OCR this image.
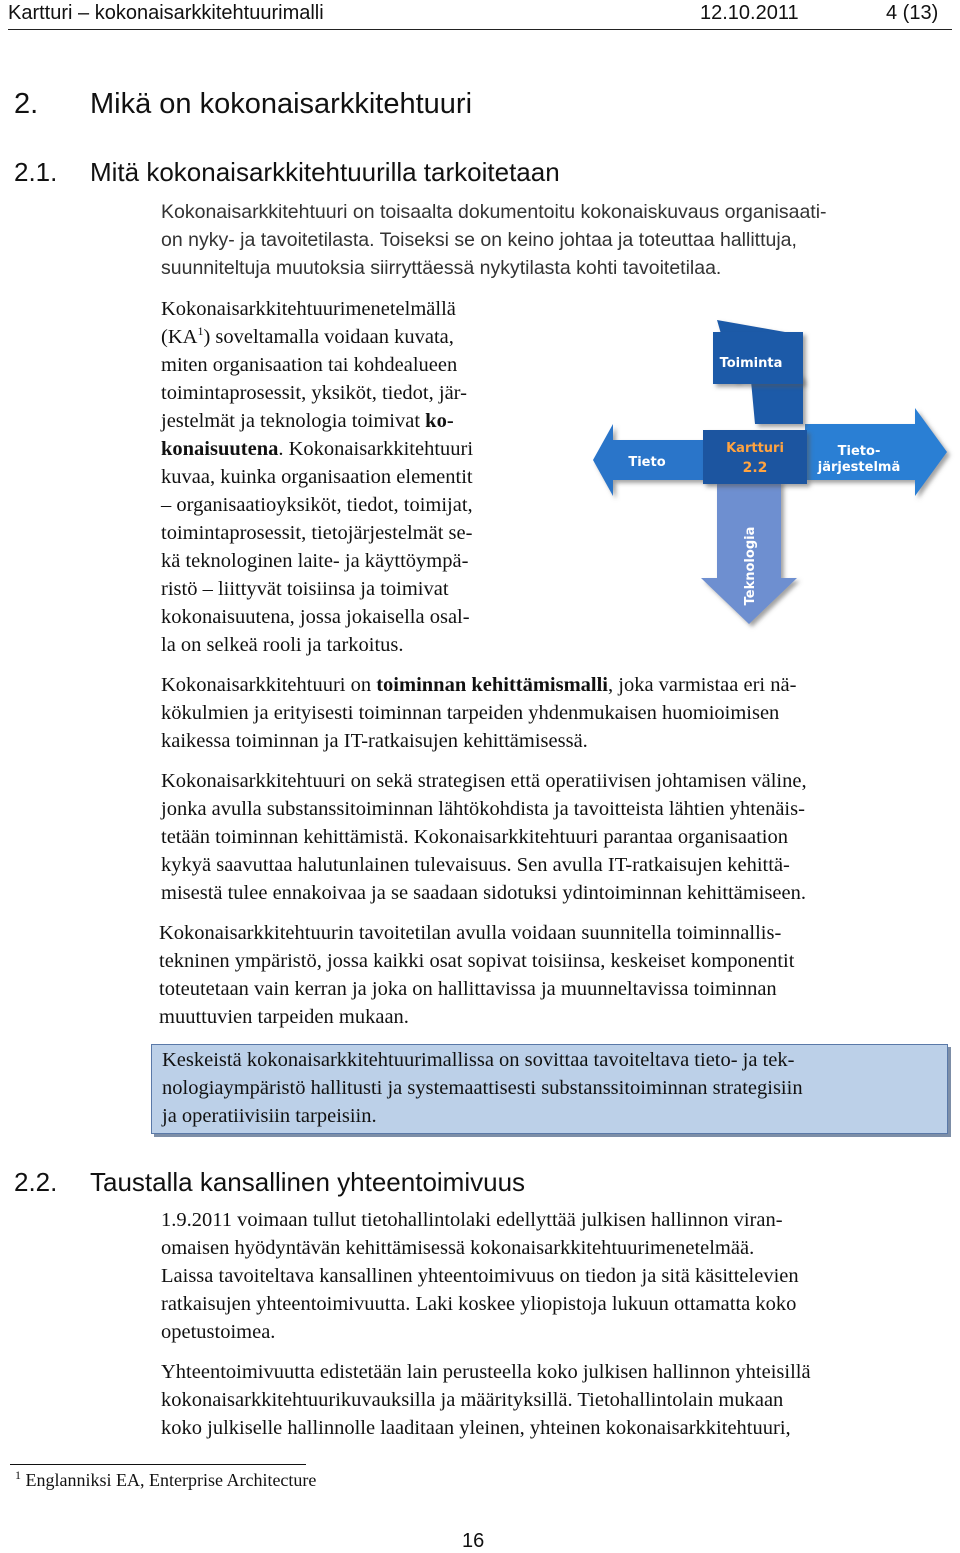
Kartturi – kokonaisarkkitehtuurimalli	12.10.2011	4 (13)
2. Mikä on kokonaisarkkitehtuuri
2.1. Mitä kokonaisarkkitehtuurilla tarkoitetaan
Kokonaisarkkitehtuuri on toisaalta dokumentoitu kokonaiskuvaus organisaati-
on nyky- ja tavoitetilasta. Toiseksi se on keino johtaa ja toteuttaa hallittuja,
suunniteltuja muutoksia siirryttäessä nykytilasta kohti tavoitetilaa.
Kokonaisarkkitehtuurimenetelmällä
$(KA^1)$ soveltamalla voidaan kuvata,
miten organisaation tai kohdealueen
toimintaprosessit, yksiköt, tiedot, jär-
jestelmät ja teknologia toimivat ko-
konaisuutena. Kokonaisarkkitehtuuri
kuvaa, kuinka organisaation elementit
– organisaatioyksiköt, tiedot, toimijat,
toimintaprosessit, tietojärjestelmät se-
kä teknologinen laite- ja käyttöympä-
ristö – liittyvät toisiinsa ja toimivat
kokonaisuutena, jossa jokaisella osal-
la on selkeä rooli ja tarkoitus.
Toiminta
Tieto
Tieto-
järjestelmä
Kartturi
2.2
Teknologia
Kokonaisarkkitehtuuri on toiminnan kehittämismalli, joka varmistaa eri nä-
kökulmien ja erityisesti toiminnan tarpeiden yhdenmukaisen huomioimisen
kaikessa toiminnan ja IT-ratkaisujen kehittämisessä.
Kokonaisarkkitehtuuri on sekä strategisen että operatiivisen johtamisen väline,
jonka avulla substanssitoiminnan lähtökohdista ja tavoitteista lähtien yhtenäis-
tetään toiminnan kehittämistä. Kokonaisarkkitehtuuri parantaa organisaation
kykyä saavuttaa halutunlainen tulevaisuus. Sen avulla IT-ratkaisujen kehittä-
misestä tulee ennakoivaa ja se saadaan sidotuksi ydintoiminnan kehittämiseen.
Kokonaisarkkitehtuurin tavoitetilan avulla voidaan suunnitella toiminnallis-
tekninen ympäristö, jossa kaikki osat sopivat toisiinsa, keskeiset komponentit
toteutetaan vain kerran ja joka on hallittavissa ja muunneltavissa toiminnan
muuttuvien tarpeiden mukaan.
Keskeistä kokonaisarkkitehtuurimallissa on sovittaa tavoiteltava tieto- ja tek-
nologiaympäristö hallitusti ja systemaattisesti substanssitoiminnan strategisiin
ja operatiivisiin tarpeisiin.
2.2. Taustalla kansallinen yhteentoimivuus
1.9.2011 voimaan tullut tietohallintolaki edellyttää julkisen hallinnon viran-
omaisen hyödyntävän kehittämisessä kokonaisarkkitehtuurimenetelmää.
Laissa tavoiteltava kansallinen yhteentoimivuus on tiedon ja sitä käsittelevien
ratkaisujen yhteentoimivuutta. Laki koskee yliopistoja lukuun ottamatta koko
opetustoimea.
Yhteentoimivuutta edistetään lain perusteella koko julkisen hallinnon yhteisillä
kokonaisarkkitehtuurikuvauksilla ja määrityksillä. Tietohallintolain mukaan
koko julkiselle hallinnolle laaditaan yleinen, yhteinen kokonaisarkkitehtuuri,
$^1$ Englanniksi EA, Enterprise Architecture
16
